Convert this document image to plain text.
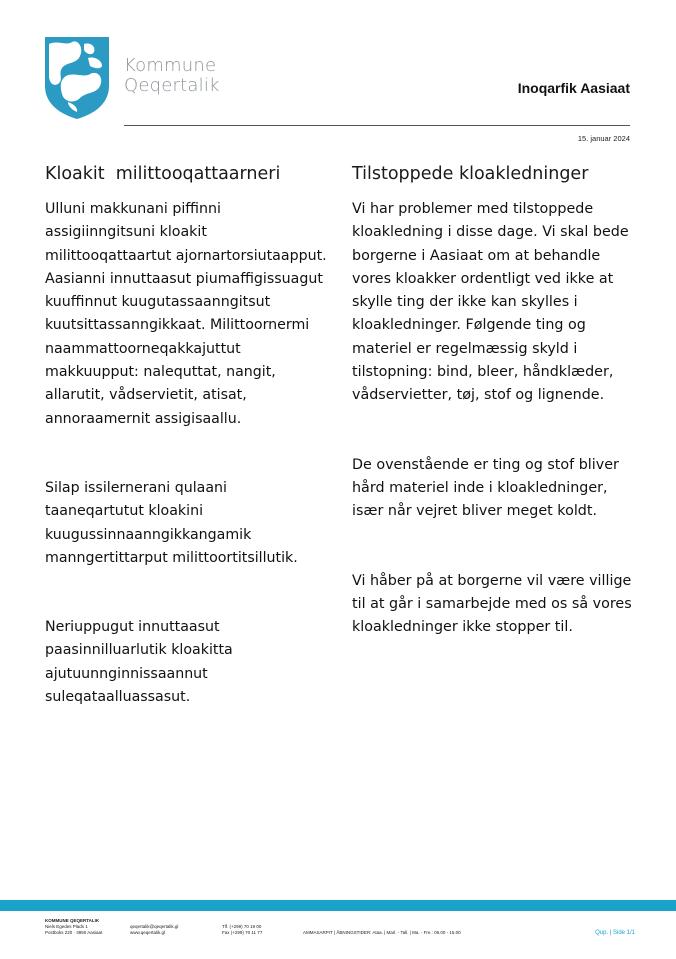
Kommune
Qeqertalik	Inoqarfik Aasiaat
15. januar 2024
Kloakit  milittooqattaarneri

Ulluni makkunani piffinni assigiinngitsuni kloakit milittooqattaartut ajornartorsiutaapput. Aasianni innuttaasut piumaffigissuagut kuuffinnut kuugutassaanngitsut kuutsittassanngikkaat. Milittoornermi naammattoorneqakkajuttut makkuupput: nalequttat, nangit, allarutit, vådservietit, atisat, annoraamernit assigisaallu.

Silap issilernerani qulaani taaneqartutut kloakini kuugussinnaanngikkangamik manngertittarput milittoortitsillutik.

Neriuppugut innuttaasut paasinnilluarlutik kloakitta ajutuunnginnissaannut suleqataalluassasut.

Tilstoppede kloakledninger

Vi har problemer med tilstoppede kloakledning i disse dage. Vi skal bede borgerne i Aasiaat om at behandle vores kloakker ordentligt ved ikke at skylle ting der ikke kan skylles i kloakledninger. Følgende ting og materiel er regelmæssig skyld i tilstopning: bind, bleer, håndklæder, vådservietter, tøj, stof og lignende.

De ovenstående er ting og stof bliver hård materiel inde i kloakledninger, især når vejret bliver meget koldt.

Vi håber på at borgerne vil være villige til at går i samarbejde med os så vores kloakledninger ikke stopper til.

KOMMUNE QEQERTALIK
Niels Egedes Plads 1
Postboks 220 · 3950 Aasiaat
qeqertalik@qeqertalik.gl
www.qeqertalik.gl
Tlf. (+299) 70 19 00
Fax (+299) 70 11 77	AMMASARPIT | ÅBNINGSTIDER: Ataa. | Marl. - Tall. | Ma. - Fre.: 09.00 - 15.00	Qup. | Side 1/1
